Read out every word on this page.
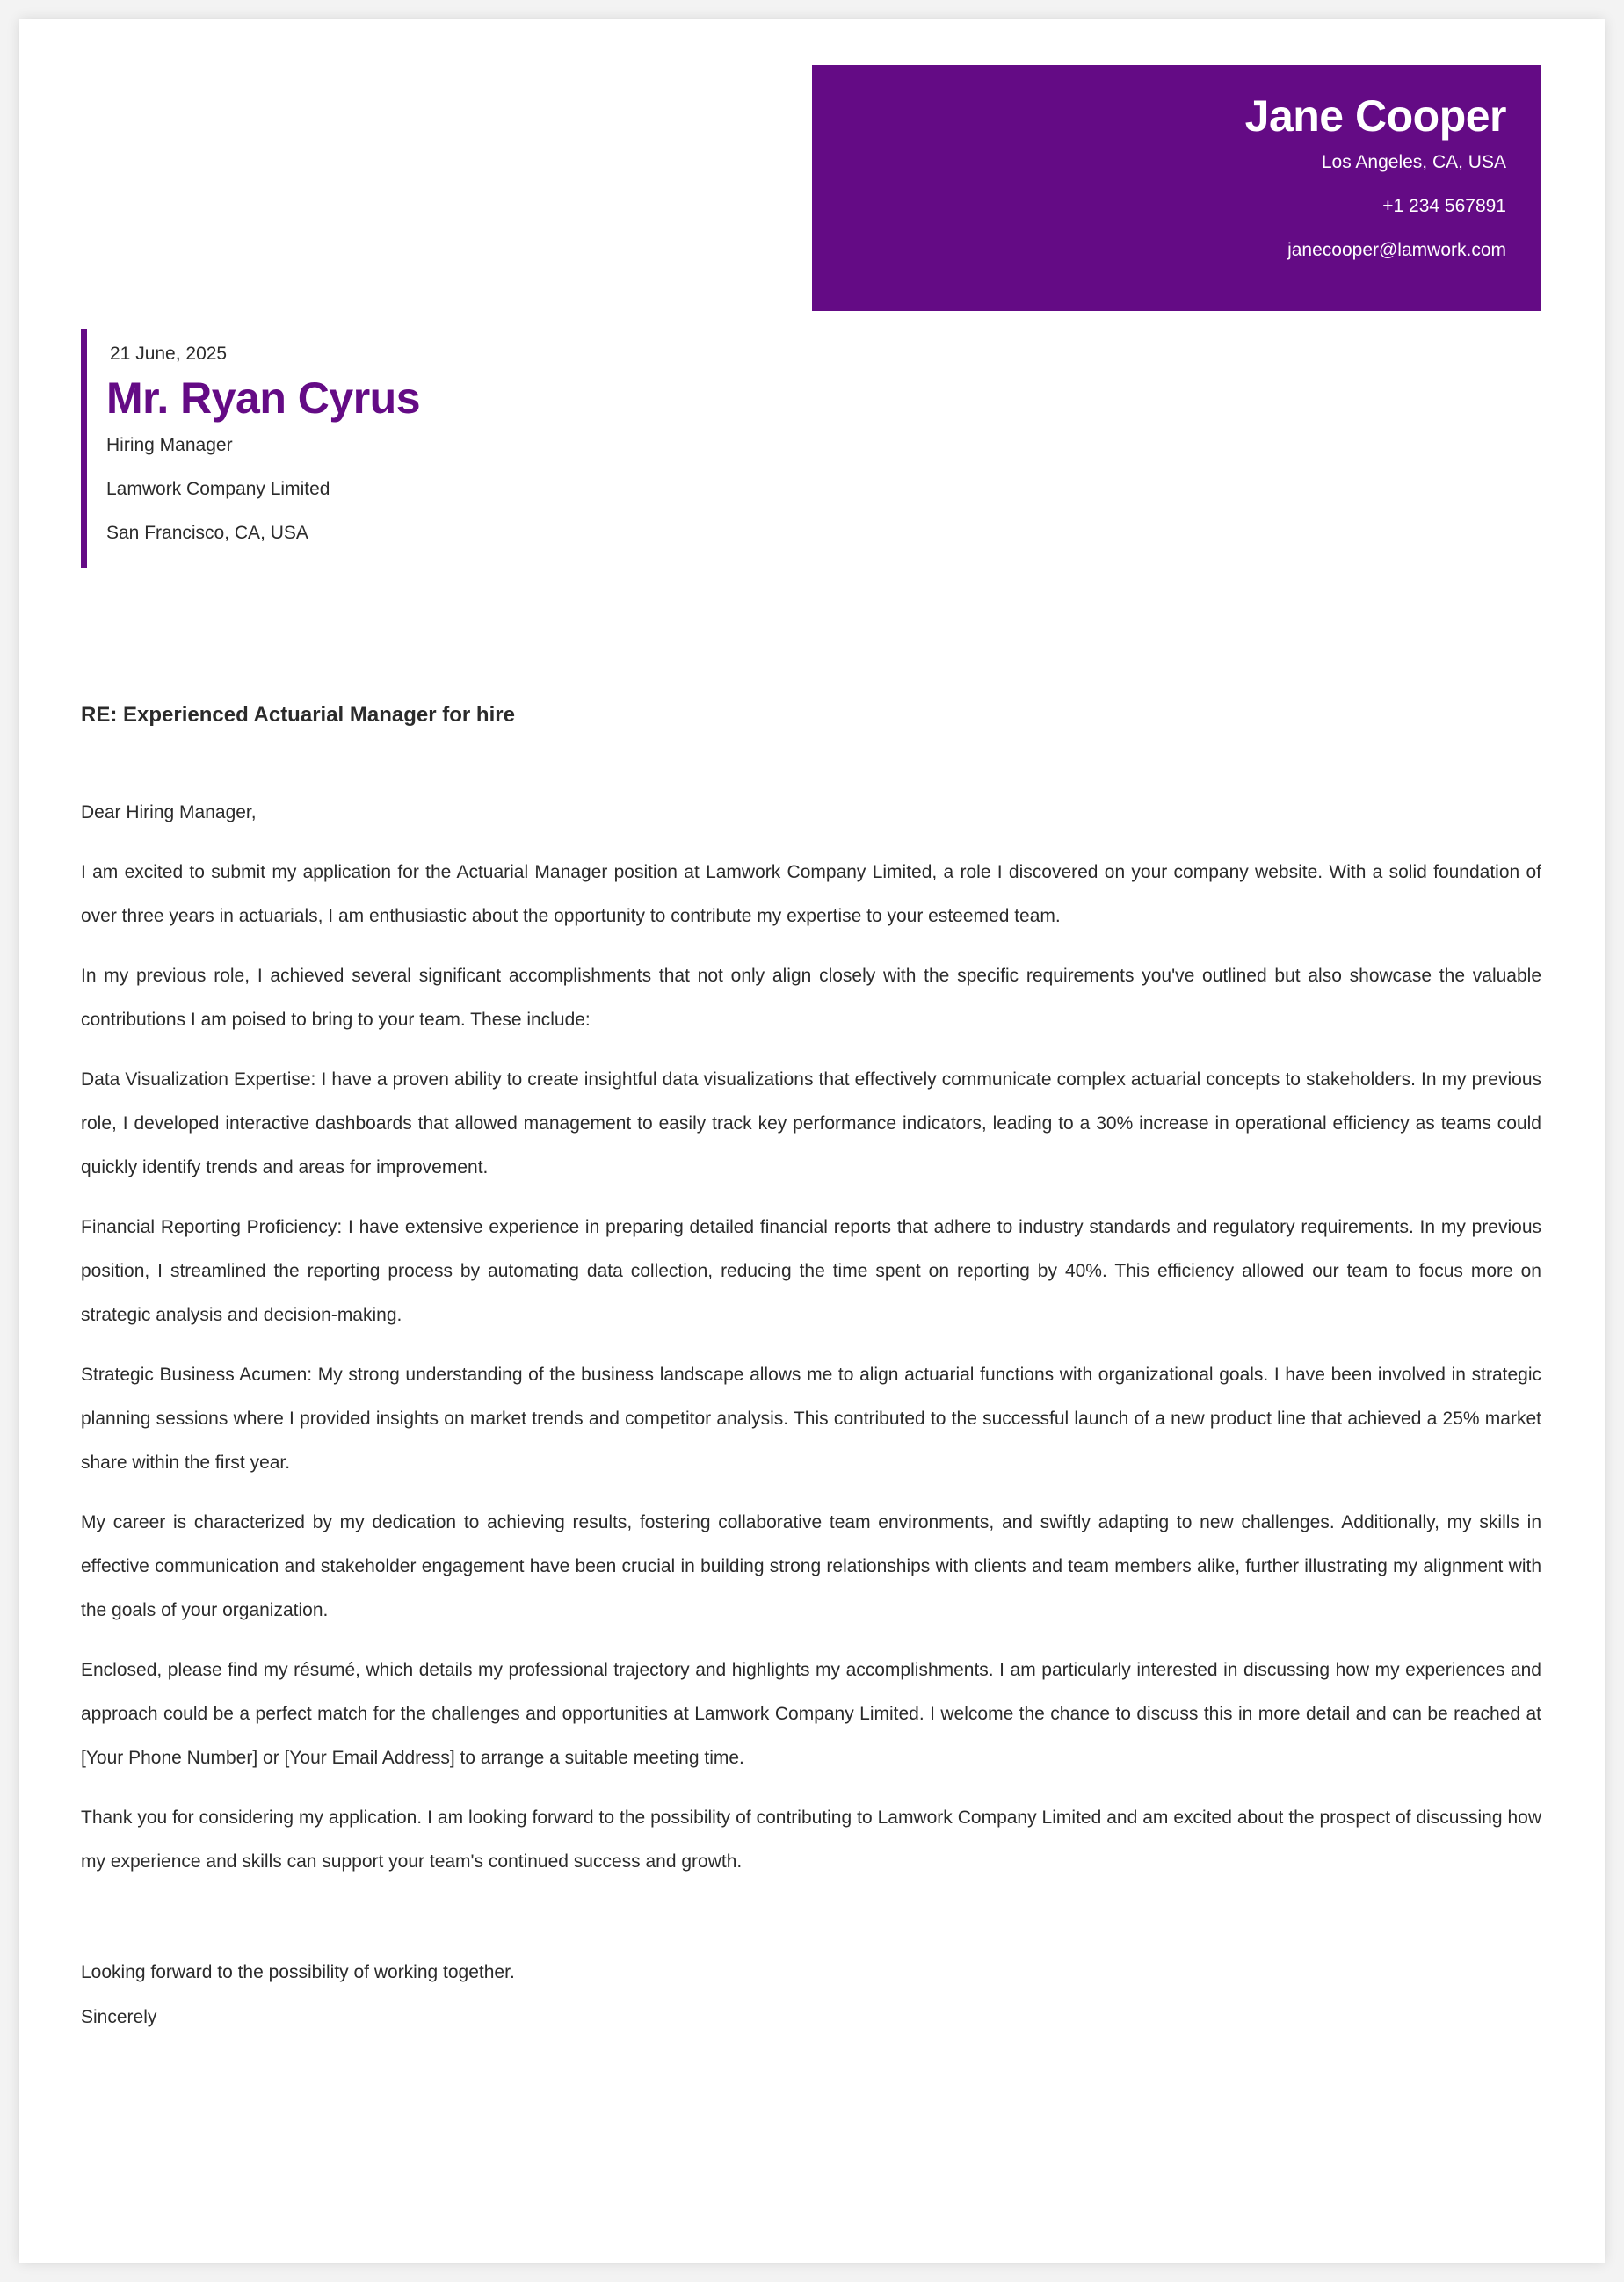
Jane Cooper

Los Angeles, CA, USA

+1 234 567891

janecooper@lamwork.com

21 June, 2025

Mr. Ryan Cyrus

Hiring Manager

Lamwork Company Limited

San Francisco, CA, USA

RE: Experienced Actuarial Manager for hire

Dear Hiring Manager,

I am excited to submit my application for the Actuarial Manager position at Lamwork Company Limited, a role I discovered on your company website. With a solid foundation of over three years in actuarials, I am enthusiastic about the opportunity to contribute my expertise to your esteemed team.

In my previous role, I achieved several significant accomplishments that not only align closely with the specific requirements you've outlined but also showcase the valuable contributions I am poised to bring to your team. These include:

Data Visualization Expertise: I have a proven ability to create insightful data visualizations that effectively communicate complex actuarial concepts to stakeholders. In my previous role, I developed interactive dashboards that allowed management to easily track key performance indicators, leading to a 30% increase in operational efficiency as teams could quickly identify trends and areas for improvement.

Financial Reporting Proficiency: I have extensive experience in preparing detailed financial reports that adhere to industry standards and regulatory requirements. In my previous position, I streamlined the reporting process by automating data collection, reducing the time spent on reporting by 40%. This efficiency allowed our team to focus more on strategic analysis and decision-making.

Strategic Business Acumen: My strong understanding of the business landscape allows me to align actuarial functions with organizational goals. I have been involved in strategic planning sessions where I provided insights on market trends and competitor analysis. This contributed to the successful launch of a new product line that achieved a 25% market share within the first year.

My career is characterized by my dedication to achieving results, fostering collaborative team environments, and swiftly adapting to new challenges. Additionally, my skills in effective communication and stakeholder engagement have been crucial in building strong relationships with clients and team members alike, further illustrating my alignment with the goals of your organization.

Enclosed, please find my résumé, which details my professional trajectory and highlights my accomplishments. I am particularly interested in discussing how my experiences and approach could be a perfect match for the challenges and opportunities at Lamwork Company Limited. I welcome the chance to discuss this in more detail and can be reached at [Your Phone Number] or [Your Email Address] to arrange a suitable meeting time.

Thank you for considering my application. I am looking forward to the possibility of contributing to Lamwork Company Limited and am excited about the prospect of discussing how my experience and skills can support your team's continued success and growth.

Looking forward to the possibility of working together.

Sincerely
